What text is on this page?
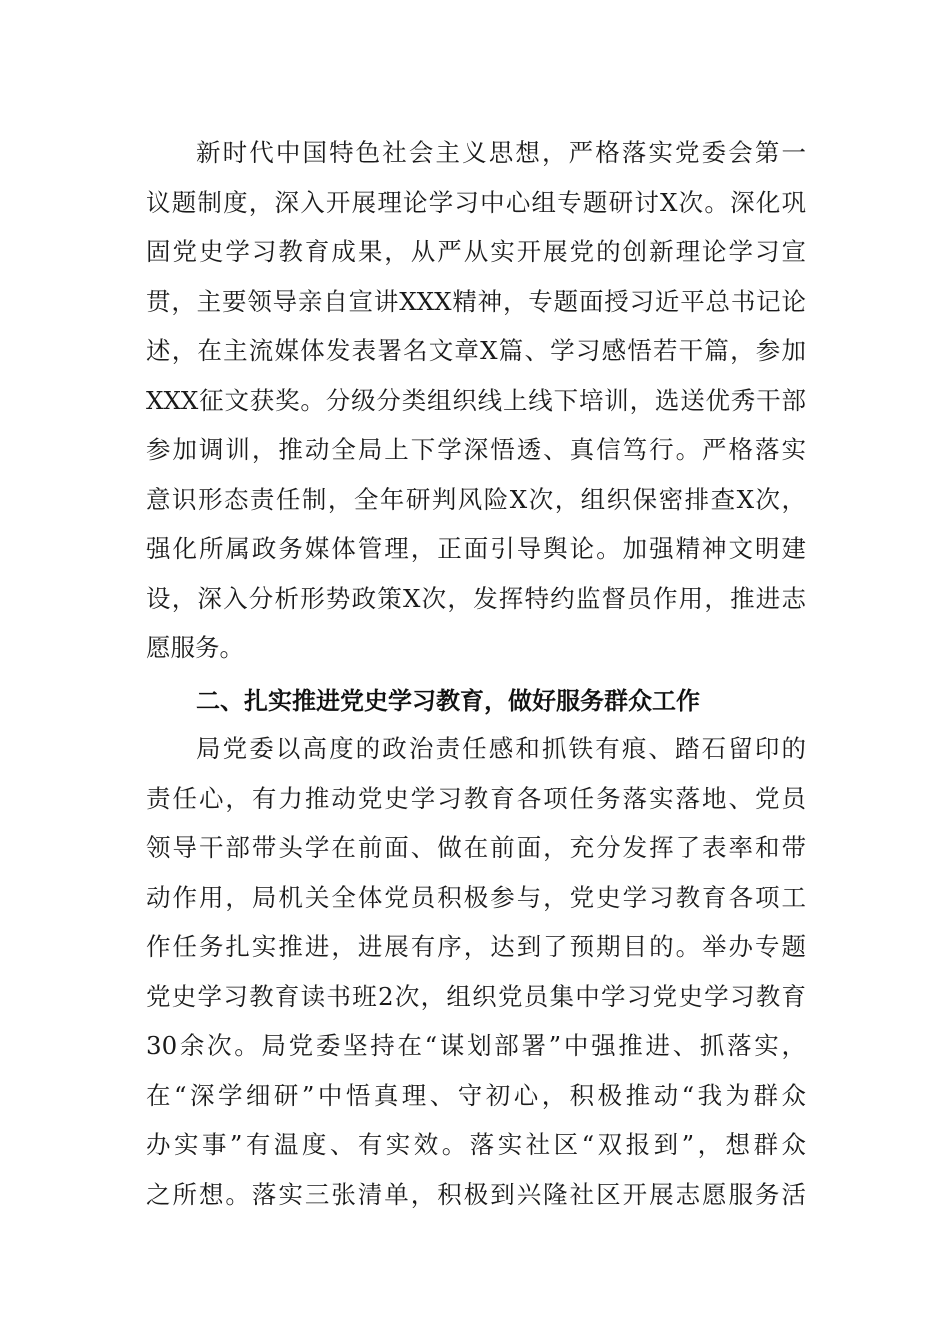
新时代中国特色社会主义思想，严格落实党委会第一
议题制度，深入开展理论学习中心组专题研讨X次。深化巩
固党史学习教育成果，从严从实开展党的创新理论学习宣
贯，主要领导亲自宣讲XXX精神，专题面授习近平总书记论
述，在主流媒体发表署名文章X篇、学习感悟若干篇，参加
XXX征文获奖。分级分类组织线上线下培训，选送优秀干部
参加调训，推动全局上下学深悟透、真信笃行。严格落实
意识形态责任制，全年研判风险X次，组织保密排查X次，
强化所属政务媒体管理，正面引导舆论。加强精神文明建
设，深入分析形势政策X次，发挥特约监督员作用，推进志
愿服务。
二、扎实推进党史学习教育，做好服务群众工作
局党委以高度的政治责任感和抓铁有痕、踏石留印的
责任心，有力推动党史学习教育各项任务落实落地、党员
领导干部带头学在前面、做在前面，充分发挥了表率和带
动作用，局机关全体党员积极参与，党史学习教育各项工
作任务扎实推进，进展有序，达到了预期目的。举办专题
党史学习教育读书班2次，组织党员集中学习党史学习教育
30余次。局党委坚持在“谋划部署”中强推进、抓落实，
在“深学细研”中悟真理、守初心，积极推动“我为群众
办实事”有温度、有实效。落实社区“双报到”，想群众
之所想。落实三张清单，积极到兴隆社区开展志愿服务活
